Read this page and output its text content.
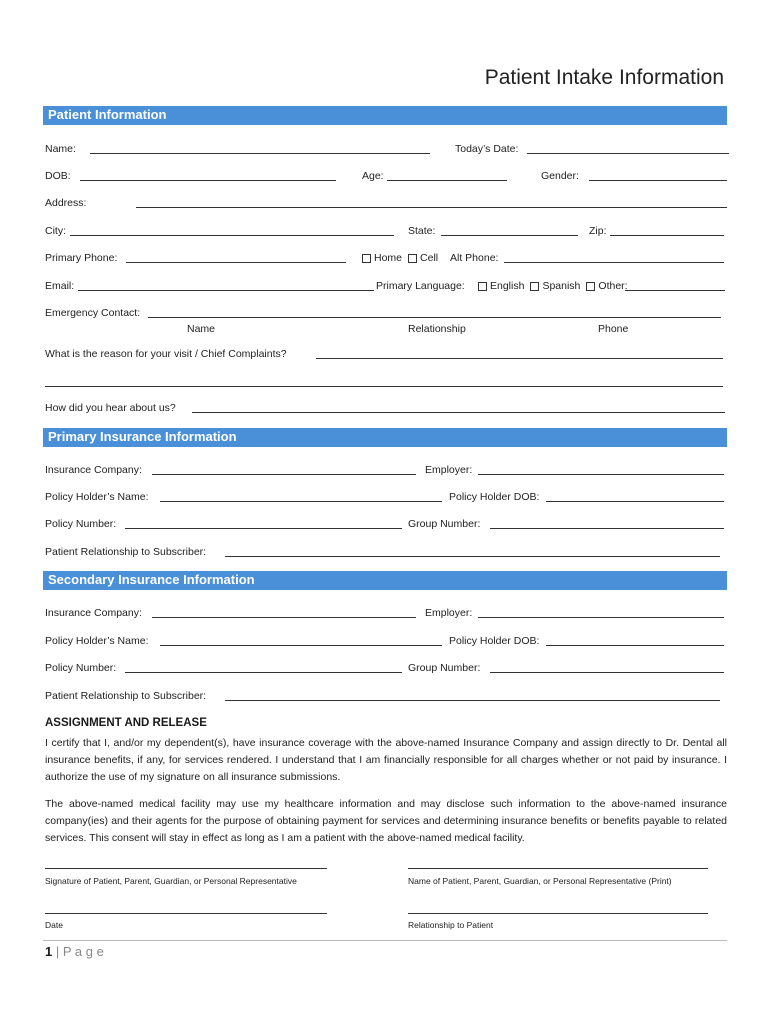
Patient Intake Information
Patient Information
Name:	Today’s Date:
DOB:	Age:	Gender:
Address:
City:	State:	Zip:
Primary Phone:	Home Cell Alt Phone:
Email:	Primary Language:	English Spanish Other:
Emergency Contact:
Name	Relationship	Phone
What is the reason for your visit / Chief Complaints?
How did you hear about us?
Primary Insurance Information
Insurance Company:	Employer:
Policy Holder’s Name:	Policy Holder DOB:
Policy Number:	Group Number:
Patient Relationship to Subscriber:
Secondary Insurance Information
Insurance Company:	Employer:
Policy Holder’s Name:	Policy Holder DOB:
Policy Number:	Group Number:
Patient Relationship to Subscriber:
ASSIGNMENT AND RELEASE
I certify that I, and/or my dependent(s), have insurance coverage with the above-named Insurance Company and assign directly to Dr. Dental all insurance benefits, if any, for services rendered. I understand that I am financially responsible for all charges whether or not paid by insurance. I authorize the use of my signature on all insurance submissions.
The above-named medical facility may use my healthcare information and may disclose such information to the above-named insurance company(ies) and their agents for the purpose of obtaining payment for services and determining insurance benefits or benefits payable to related services. This consent will stay in effect as long as I am a patient with the above-named medical facility.
Signature of Patient, Parent, Guardian, or Personal Representative	Name of Patient, Parent, Guardian, or Personal Representative (Print)
Date	Relationship to Patient
1 | P a g e
